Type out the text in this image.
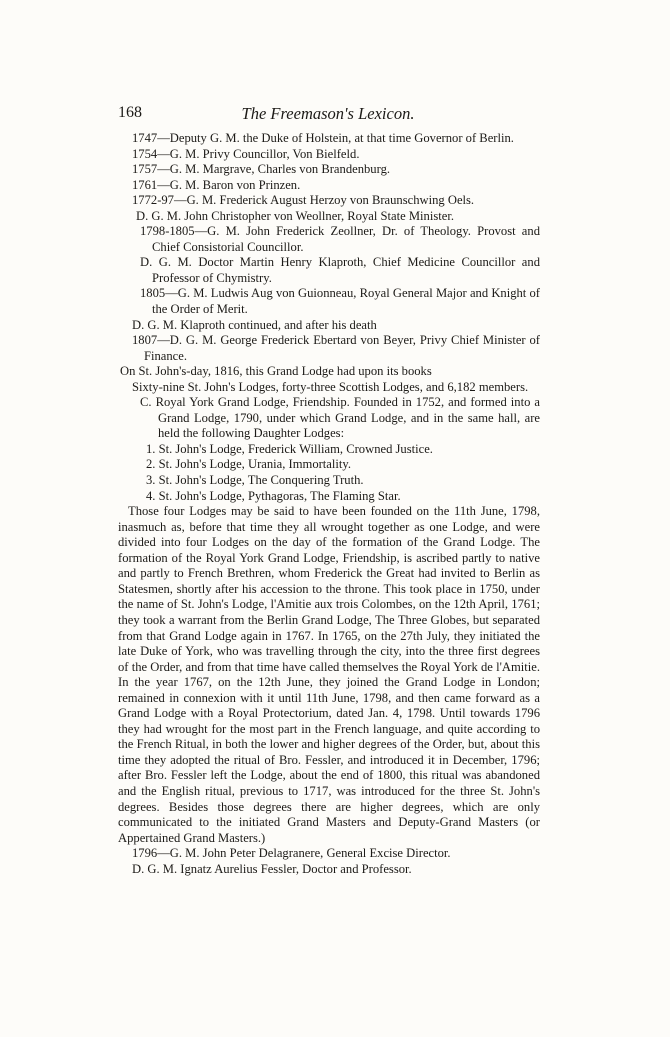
168	The Freemason's Lexicon.

1747—Deputy G. M. the Duke of Holstein, at that time Governor of Berlin.

1754—G. M. Privy Councillor, Von Bielfeld.

1757—G. M. Margrave, Charles von Brandenburg.

1761—G. M. Baron von Prinzen.

1772-97—G. M. Frederick August Herzoy von Braunschwing Oels.

D. G. M. John Christopher von Weollner, Royal State Minister.

1798-1805—G. M. John Frederick Zeollner, Dr. of Theology. Provost and Chief Consistorial Councillor.

D. G. M. Doctor Martin Henry Klaproth, Chief Medicine Councillor and Professor of Chymistry.

1805—G. M. Ludwis Aug von Guionneau, Royal General Major and Knight of the Order of Merit.

D. G. M. Klaproth continued, and after his death

1807—D. G. M. George Frederick Ebertard von Beyer, Privy Chief Minister of Finance.

On St. John's-day, 1816, this Grand Lodge had upon its books

Sixty-nine St. John's Lodges, forty-three Scottish Lodges, and 6,182 members.

C. Royal York Grand Lodge, Friendship. Founded in 1752, and formed into a Grand Lodge, 1790, under which Grand Lodge, and in the same hall, are held the following Daughter Lodges:

1. St. John's Lodge, Frederick William, Crowned Justice.

2. St. John's Lodge, Urania, Immortality.

3. St. John's Lodge, The Conquering Truth.

4. St. John's Lodge, Pythagoras, The Flaming Star.

Those four Lodges may be said to have been founded on the 11th June, 1798, inasmuch as, before that time they all wrought together as one Lodge, and were divided into four Lodges on the day of the formation of the Grand Lodge. The formation of the Royal York Grand Lodge, Friendship, is ascribed partly to native and partly to French Brethren, whom Frederick the Great had invited to Berlin as Statesmen, shortly after his accession to the throne. This took place in 1750, under the name of St. John's Lodge, l'Amitie aux trois Colombes, on the 12th April, 1761; they took a warrant from the Berlin Grand Lodge, The Three Globes, but separated from that Grand Lodge again in 1767. In 1765, on the 27th July, they initiated the late Duke of York, who was travelling through the city, into the three first degrees of the Order, and from that time have called themselves the Royal York de l'Amitie. In the year 1767, on the 12th June, they joined the Grand Lodge in London; remained in connexion with it until 11th June, 1798, and then came forward as a Grand Lodge with a Royal Protectorium, dated Jan. 4, 1798. Until towards 1796 they had wrought for the most part in the French language, and quite according to the French Ritual, in both the lower and higher degrees of the Order, but, about this time they adopted the ritual of Bro. Fessler, and introduced it in December, 1796; after Bro. Fessler left the Lodge, about the end of 1800, this ritual was abandoned and the English ritual, previous to 1717, was introduced for the three St. John's degrees. Besides those degrees there are higher degrees, which are only communicated to the initiated Grand Masters and Deputy-Grand Masters (or Appertained Grand Masters.)

1796—G. M. John Peter Delagranere, General Excise Director.

D. G. M. Ignatz Aurelius Fessler, Doctor and Professor.
